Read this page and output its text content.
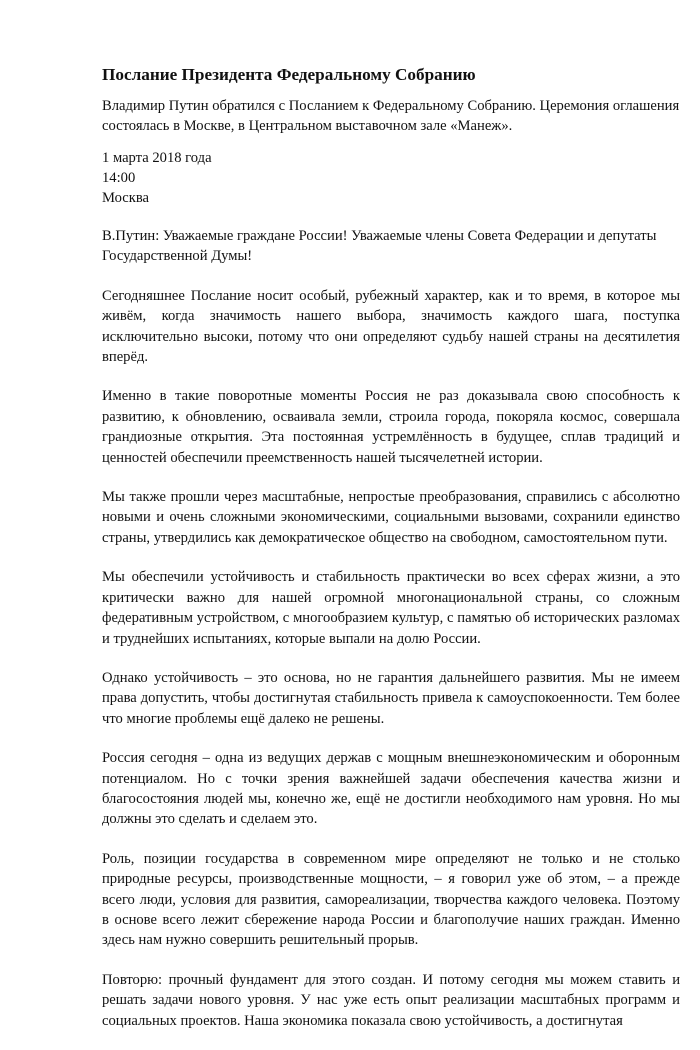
Послание Президента Федеральному Собранию

Владимир Путин обратился с Посланием к Федеральному Собранию. Церемония оглашения состоялась в Москве, в Центральном выставочном зале «Манеж».

1 марта 2018 года
14:00
Москва

В.Путин: Уважаемые граждане России! Уважаемые члены Совета Федерации и депутаты Государственной Думы!

Сегодняшнее Послание носит особый, рубежный характер, как и то время, в которое мы живём, когда значимость нашего выбора, значимость каждого шага, поступка исключительно высоки, потому что они определяют судьбу нашей страны на десятилетия вперёд.

Именно в такие поворотные моменты Россия не раз доказывала свою способность к развитию, к обновлению, осваивала земли, строила города, покоряла космос, совершала грандиозные открытия. Эта постоянная устремлённость в будущее, сплав традиций и ценностей обеспечили преемственность нашей тысячелетней истории.

Мы также прошли через масштабные, непростые преобразования, справились с абсолютно новыми и очень сложными экономическими, социальными вызовами, сохранили единство страны, утвердились как демократическое общество на свободном, самостоятельном пути.

Мы обеспечили устойчивость и стабильность практически во всех сферах жизни, а это критически важно для нашей огромной многонациональной страны, со сложным федеративным устройством, с многообразием культур, с памятью об исторических разломах и труднейших испытаниях, которые выпали на долю России.

Однако устойчивость – это основа, но не гарантия дальнейшего развития. Мы не имеем права допустить, чтобы достигнутая стабильность привела к самоуспокоенности. Тем более что многие проблемы ещё далеко не решены.

Россия сегодня – одна из ведущих держав с мощным внешнеэкономическим и оборонным потенциалом. Но с точки зрения важнейшей задачи обеспечения качества жизни и благосостояния людей мы, конечно же, ещё не достигли необходимого нам уровня. Но мы должны это сделать и сделаем это.

Роль, позиции государства в современном мире определяют не только и не столько природные ресурсы, производственные мощности, – я говорил уже об этом, – а прежде всего люди, условия для развития, самореализации, творчества каждого человека. Поэтому в основе всего лежит сбережение народа России и благополучие наших граждан. Именно здесь нам нужно совершить решительный прорыв.

Повторю: прочный фундамент для этого создан. И потому сегодня мы можем ставить и решать задачи нового уровня. У нас уже есть опыт реализации масштабных программ и социальных проектов. Наша экономика показала свою устойчивость, а достигнутая
